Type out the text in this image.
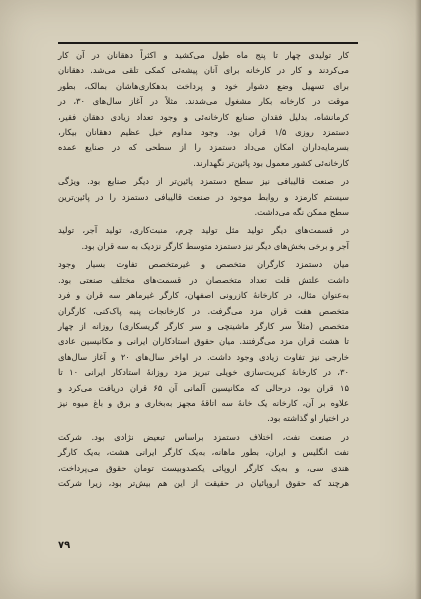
کار تولیدی چهار تا پنج ماه طول می‌کشید و اکثراً دهقانان در آن کار
می‌کردند و کار در کارخانه برای آنان پیشه‌ئی کمکی تلقی می‌شد. دهقانان
برای تسهیل وضع دشوار خود و پرداخت بدهکاری‌هاشان بمالک، بطور
موقت در کارخانه بکار مشغول می‌شدند. مثلاً در آغاز سال‌های ۳۰، در
کرمانشاه، بدلیل فقدان صنایع کارخانه‌ئی و وجود تعداد زیادی دهقان فقیر،
دستمزد روزی ۱/۵ قران بود. وجود مداوم خیل عظیم دهقانان بیکار،
بسرمایه‌داران امکان می‌داد دستمزد را از سطحی که در صنایع عمده
کارخانه‌ئی کشور معمول بود پائین‌تر نگهدارند.

در صنعت قالیبافی نیز سطح دستمزد پائین‌تر از دیگر صنایع بود. ویژگی
سیستم کارمزد و روابط موجود در صنعت قالیبافی دستمزد را در پائین‌ترین
سطح ممکن نگه می‌داشت.

در قسمت‌های دیگر تولید مثل تولید چرم، منبت‌کاری، تولید آجر، تولید
آجر و برخی بخش‌های دیگر نیز دستمزد متوسط کارگر نزدیک به سه قران بود.

میان دستمزد کارگران متخصص و غیرمتخصص تفاوت بسیار وجود
داشت علتش قلت تعداد متخصصان در قسمت‌های مختلف صنعتی بود.
به‌عنوان مثال، در کارخانهٔ کازرونی اصفهان، کارگر غیرماهر سه قران و فرد
متخصص هفت قران مزد می‌گرفت. در کارخانجات پنبه پاک‌کنی، کارگران
متخصص (مثلاً سر کارگر ماشینچی و سر کارگر گریسکاری) روزانه از چهار
تا هشت قران مزد می‌گرفتند. میان حقوق استادکاران ایرانی و مکانیسین عادی
خارجی نیز تفاوت زیادی وجود داشت. در اواخر سال‌های ۲۰ و آغاز سال‌های
۳۰، در کارخانهٔ کبریت‌سازی خویلی تبریز مزد روزانهٔ استادکار ایرانی ۱۰ تا
۱۵ قران بود، درحالی که مکانیسین آلمانی آن ۶۵ قران دریافت می‌کرد و
علاوه بر آن، کارخانه یک خانهٔ سه اتاقهٔ مجهز به‌بخاری و برق و باغ میوه نیز
در اختیار او گذاشته بود.

در صنعت نفت، اختلاف دستمزد براساس تبعیض نژادی بود. شرکت
نفت انگلیس و ایران، بطور ماهانه، به‌یک کارگر ایرانی هشت، به‌یک کارگر
هندی سی، و به‌یک کارگر اروپائی یکصدوبیست تومان حقوق می‌پرداخت،
هرچند که حقوق اروپائیان در حقیقت از این هم بیش‌تر بود، زیرا شرکت

۷۹
